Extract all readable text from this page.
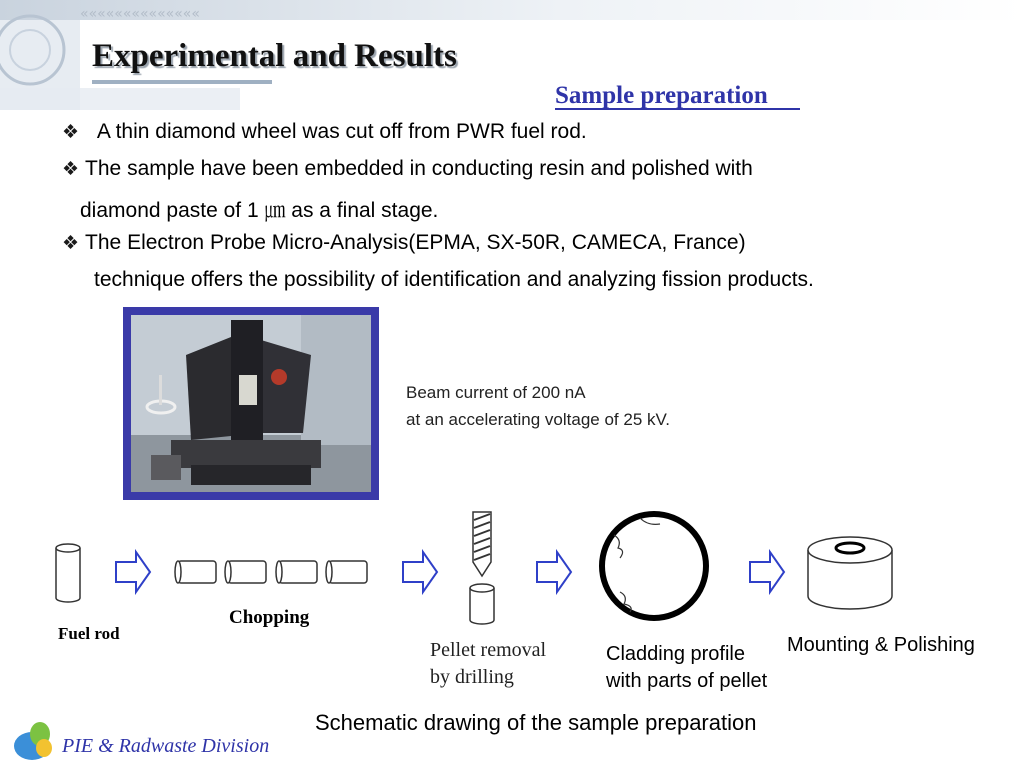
««««««««««««««
Experimental and Results
Sample preparation
❖ A thin diamond wheel was cut off from PWR fuel rod.
❖ The sample have been embedded in conducting resin and polished with
diamond paste of 1 ㎛ as a final stage.
❖ The Electron Probe Micro-Analysis(EPMA, SX-50R, CAMECA, France)
technique offers the possibility of identification and analyzing fission products.
Beam current of 200 nA
at an accelerating voltage of 25 kV.
Fuel rod
Chopping
Pellet removal
by drilling
Cladding profile
with parts of pellet
Mounting & Polishing
Schematic drawing of the sample preparation
PIE & Radwaste Division
